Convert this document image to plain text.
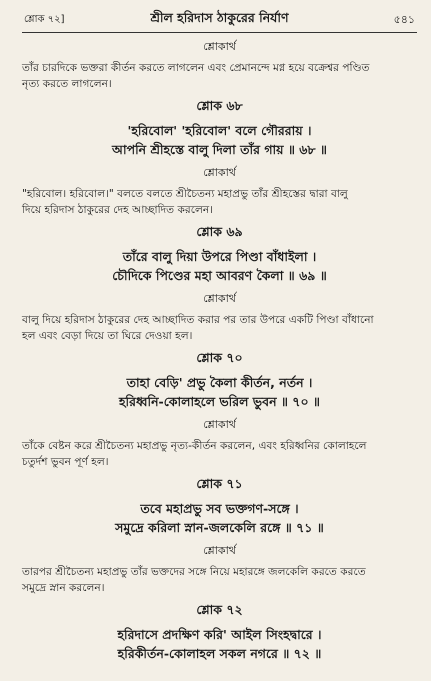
শ্লোক ৭২]	শ্রীল হরিদাস ঠাকুরের নির্যাণ	৫৪১
শ্লোকার্থ

তাঁর চারদিকে ভক্তরা কীর্তন করতে লাগলেন এবং প্রেমানন্দে মগ্ন হয়ে বক্রেশ্বর পণ্ডিত

নৃত্য করতে লাগলেন।

শ্লোক ৬৮
'হরিবোল' 'হরিবোল' বলে গৌররায় ।
আপনি শ্রীহস্তে বালু দিলা তাঁর গায় ॥ ৬৮ ॥
শ্লোকার্থ

"হরিবোল। হরিবোল।" বলতে বলতে শ্রীচৈতন্য মহাপ্রভু তাঁর শ্রীহস্তের দ্বারা বালু

দিয়ে হরিদাস ঠাকুরের দেহ আচ্ছাদিত করলেন।

শ্লোক ৬৯
তাঁরে বালু দিয়া উপরে পিণ্ডা বাঁধাইলা ।
চৌদিকে পিণ্ডের মহা আবরণ কৈলা ॥ ৬৯ ॥
শ্লোকার্থ

বালু দিয়ে হরিদাস ঠাকুরের দেহ আচ্ছাদিত করার পর তার উপরে একটি পিণ্ডা বাঁধানো

হল এবং বেড়া দিয়ে তা ঘিরে দেওয়া হল।

শ্লোক ৭০
তাহা বেড়ি' প্রভু কৈলা কীর্তন, নর্তন ।
হরিধ্বনি-কোলাহলে ভরিল ভুবন ॥ ৭০ ॥
শ্লোকার্থ

তাঁকে বেষ্টন করে শ্রীচৈতন্য মহাপ্রভু নৃত্য-কীর্তন করলেন, এবং হরিধ্বনির কোলাহলে

চতুর্দশ ভুবন পূর্ণ হল।

শ্লোক ৭১
তবে মহাপ্রভু সব ভক্তগণ-সঙ্গে ।
সমুদ্রে করিলা স্নান-জলকেলি রঙ্গে ॥ ৭১ ॥
শ্লোকার্থ

তারপর শ্রীচৈতন্য মহাপ্রভু তাঁর ভক্তদের সঙ্গে নিয়ে মহারঙ্গে জলকেলি করতে করতে

সমুদ্রে স্নান করলেন।

শ্লোক ৭২
হরিদাসে প্রদক্ষিণ করি' আইল সিংহদ্বারে ।
হরিকীর্তন-কোলাহল সকল নগরে ॥ ৭২ ॥
